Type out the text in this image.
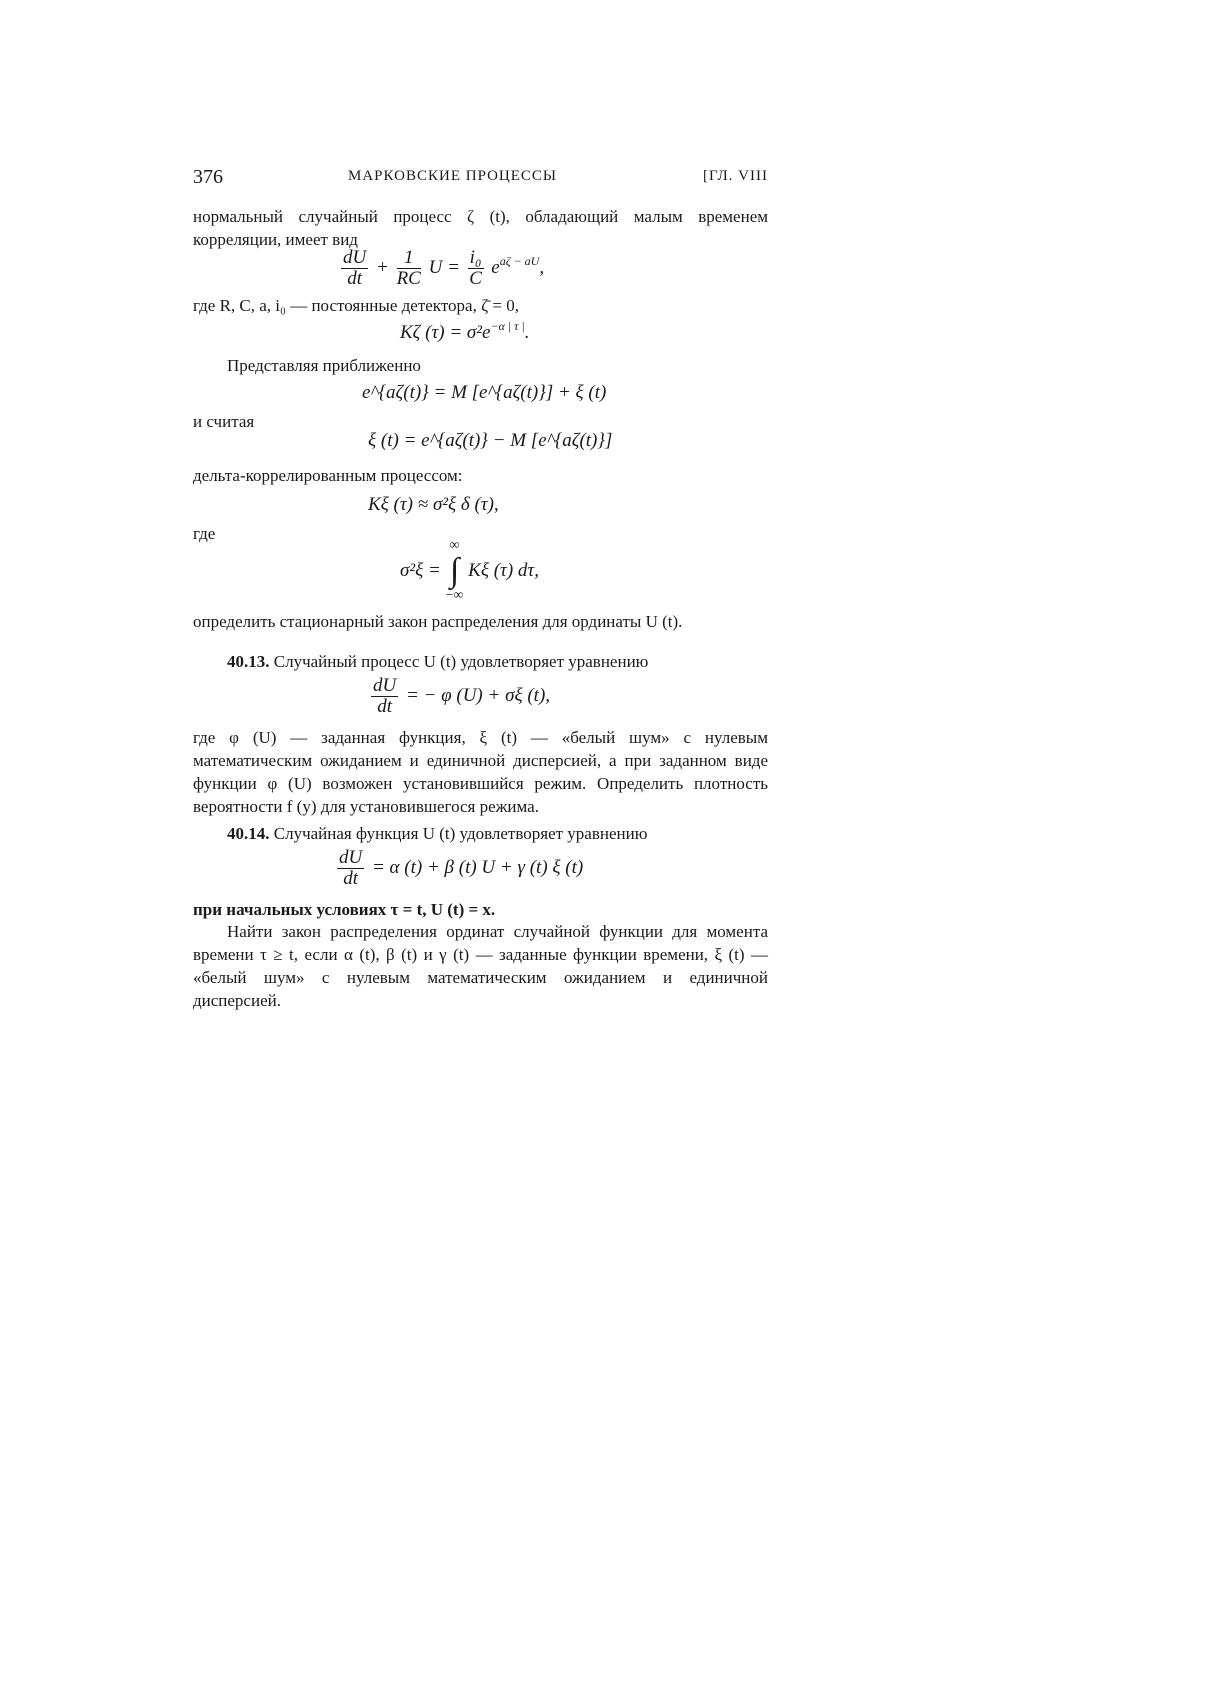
376	МАРКОВСКИЕ ПРОЦЕССЫ	[ГЛ. VIII
нормальный случайный процесс ζ (t), обладающий малым временем корреляции, имеет вид
$\frac{dU}{dt} + \frac{1}{RC}$ $U = \frac{\text{i₀}}{C} e^{a\zeta - aU}$,
где R, C, a, i₀ — постоянные детектора, ζ̄ = 0,
Kζ $(\tau) = \sigma^2e^{-\alpha | \tau |}$.
Представляя приближенно
e^{aζ(t)} = M [e^{aζ(t)}] + ξ (t)
и считая
ξ (t) = e^{aζ(t)} − M [e^{aζ(t)}]
дельта-коррелированным процессом:
Kξ (τ) ≈ σ²ξ δ (τ),
где
σ²ξ =
∞
∫
−∞
Kξ (τ) dτ,
определить стационарный закон распределения для ординаты U (t).
40.13. Случайный процесс U (t) удовлетворяет уравнению
$\frac{dU}{dt}$ = − φ (U) + σξ (t),
где φ (U) — заданная функция, ξ (t) — «белый шум» с нулевым математическим ожиданием и единичной дисперсией, а при заданном виде функции φ (U) возможен установившийся режим. Определить плотность вероятности f (y) для установившегося режима.
40.14. Случайная функция U (t) удовлетворяет уравнению
$\frac{dU}{dt} = \alpha$ (t) + β (t) U + γ (t) ξ (t)
при начальных условиях τ = t, U (t) = x.
Найти закон распределения ординат случайной функции для момента времени τ ≥ t, если α (t), β (t) и γ (t) — заданные функции времени, ξ (t) — «белый шум» с нулевым математическим ожиданием и единичной дисперсией.
